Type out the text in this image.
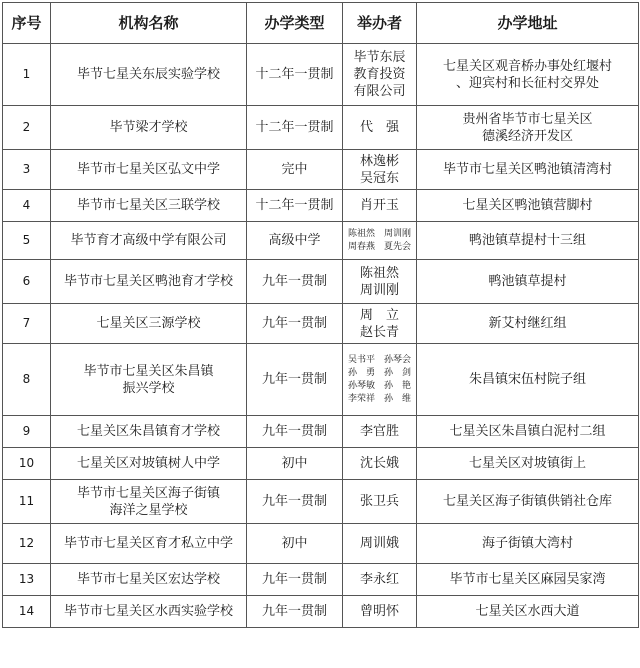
序号	机构名称	办学类型	举办者	办学地址
1	毕节七星关东辰实验学校	十二年一贯制	毕节东辰
教育投资
有限公司	七星关区观音桥办事处红堰村
、迎宾村和长征村交界处

2	毕节梁才学校	十二年一贯制	代　强	贵州省毕节市七星关区
德溪经济开发区

3	毕节市七星关区弘文中学	完中	林逸彬
吴冠东	毕节市七星关区鸭池镇清湾村

4	毕节市七星关区三联学校	十二年一贯制	肖开玉	七星关区鸭池镇营脚村

5	毕节育才高级中学有限公司	高级中学	陈祖然　周训刚
周春燕　夏先会	鸭池镇草提村十三组

6	毕节市七星关区鸭池育才学校	九年一贯制	陈祖然
周训刚	鸭池镇草提村

7	七星关区三源学校	九年一贯制	周　立
赵长青	新艾村继红组

8	毕节市七星关区朱昌镇
振兴学校	九年一贯制	吴书平　孙琴会
孙　勇　孙　剑
孙琴敏　孙　艳
李荣祥　孙　维	朱昌镇宋伍村院子组

9	七星关区朱昌镇育才学校	九年一贯制	李官胜	七星关区朱昌镇白泥村二组

10	七星关区对坡镇树人中学	初中	沈长娥	七星关区对坡镇街上

11	毕节市七星关区海子街镇
海洋之星学校	九年一贯制	张卫兵	七星关区海子街镇供销社仓库

12	毕节市七星关区育才私立中学	初中	周训娥	海子街镇大湾村

13	毕节市七星关区宏达学校	九年一贯制	李永红	毕节市七星关区麻园吴家湾

14	毕节市七星关区水西实验学校	九年一贯制	曾明怀	七星关区水西大道
